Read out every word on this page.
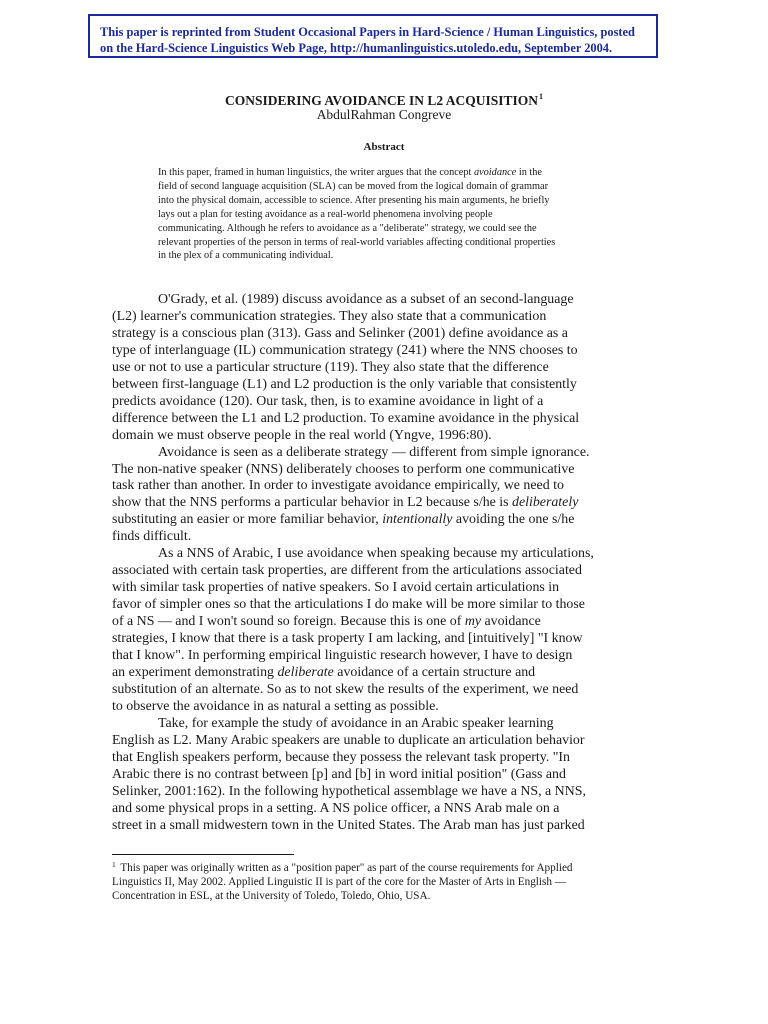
This paper is reprinted from Student Occasional Papers in Hard-Science / Human Linguistics, posted
on the Hard-Science Linguistics Web Page, http://humanlinguistics.utoledo.edu, September 2004.
CONSIDERING AVOIDANCE IN L2 ACQUISITION$^1$
AbdulRahman Congreve
Abstract
In this paper, framed in human linguistics, the writer argues that the concept avoidance in the
field of second language acquisition (SLA) can be moved from the logical domain of grammar
into the physical domain, accessible to science. After presenting his main arguments, he briefly
lays out a plan for testing avoidance as a real-world phenomena involving people
communicating. Although he refers to avoidance as a "deliberate" strategy, we could see the
relevant properties of the person in terms of real-world variables affecting conditional properties
in the plex of a communicating individual.
O'Grady, et al. (1989) discuss avoidance as a subset of an second-language
(L2) learner's communication strategies. They also state that a communication
strategy is a conscious plan (313). Gass and Selinker (2001) define avoidance as a
type of interlanguage (IL) communication strategy (241) where the NNS chooses to
use or not to use a particular structure (119). They also state that the difference
between first-language (L1) and L2 production is the only variable that consistently
predicts avoidance (120). Our task, then, is to examine avoidance in light of a
difference between the L1 and L2 production. To examine avoidance in the physical
domain we must observe people in the real world (Yngve, 1996:80).
Avoidance is seen as a deliberate strategy — different from simple ignorance.
The non-native speaker (NNS) deliberately chooses to perform one communicative
task rather than another. In order to investigate avoidance empirically, we need to
show that the NNS performs a particular behavior in L2 because s/he is deliberately
substituting an easier or more familiar behavior, intentionally avoiding the one s/he
finds difficult.
As a NNS of Arabic, I use avoidance when speaking because my articulations,
associated with certain task properties, are different from the articulations associated
with similar task properties of native speakers. So I avoid certain articulations in
favor of simpler ones so that the articulations I do make will be more similar to those
of a NS — and I won't sound so foreign. Because this is one of my avoidance
strategies, I know that there is a task property I am lacking, and [intuitively] "I know
that I know". In performing empirical linguistic research however, I have to design
an experiment demonstrating deliberate avoidance of a certain structure and
substitution of an alternate. So as to not skew the results of the experiment, we need
to observe the avoidance in as natural a setting as possible.
Take, for example the study of avoidance in an Arabic speaker learning
English as L2. Many Arabic speakers are unable to duplicate an articulation behavior
that English speakers perform, because they possess the relevant task property. "In
Arabic there is no contrast between [p] and [b] in word initial position" (Gass and
Selinker, 2001:162). In the following hypothetical assemblage we have a NS, a NNS,
and some physical props in a setting. A NS police officer, a NNS Arab male on a
street in a small midwestern town in the United States. The Arab man has just parked
$^1$ This paper was originally written as a "position paper" as part of the course requirements for Applied
Linguistics II, May 2002. Applied Linguistic II is part of the core for the Master of Arts in English —
Concentration in ESL, at the University of Toledo, Toledo, Ohio, USA.
